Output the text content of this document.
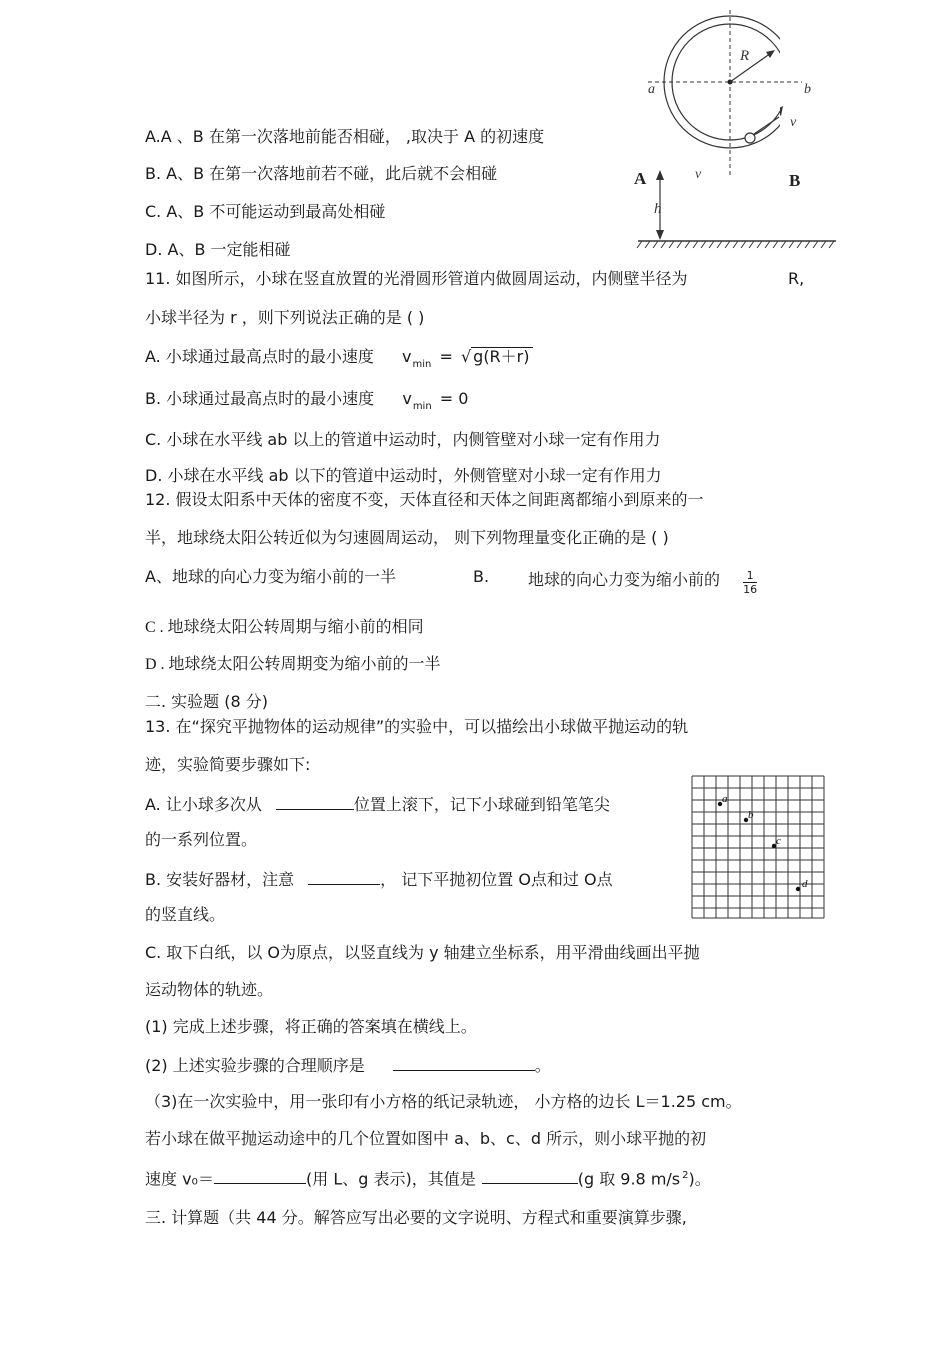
R
a	b
v
A	v	B
h
A.A 、B 在第一次落地前能否相碰， ,取决于 A 的初速度
B. A、B 在第一次落地前若不碰，此后就不会相碰
C. A、B 不可能运动到最高处相碰
D. A、B 一定能相碰
11. 如图所示，小球在竖直放置的光滑圆形管道内做圆周运动，内侧壁半径为	R,
小球半径为 r ，则下列说法正确的是 ( )
A. 小球通过最高点时的最小速度 $v_{min}$ = √ g(R＋r)
B. 小球通过最高点时的最小速度 $v_{min} = 0$
C. 小球在水平线 ab 以上的管道中运动时，内侧管壁对小球一定有作用力
D. 小球在水平线 ab 以下的管道中运动时，外侧管壁对小球一定有作用力
12. 假设太阳系中天体的密度不变，天体直径和天体之间距离都缩小到原来的一
半，地球绕太阳公转近似为匀速圆周运动， 则下列物理量变化正确的是 ( )
A、地球的向心力变为缩小前的一半	B. 地球的向心力变为缩小前的 $\frac{1}{16}$
C . 地球绕太阳公转周期与缩小前的相同
D . 地球绕太阳公转周期变为缩小前的一半
二. 实验题 (8 分)
13. 在“探究平抛物体的运动规律”的实验中，可以描绘出小球做平抛运动的轨
迹，实验简要步骤如下:
A. 让小球多次从	位置上滚下，记下小球碰到铅笔笔尖
的一系列位置。
B. 安装好器材，注意	， 记下平抛初位置 O点和过 O点
的竖直线。
C. 取下白纸，以 O为原点，以竖直线为 y 轴建立坐标系，用平滑曲线画出平抛
运动物体的轨迹。
(1) 完成上述步骤，将正确的答案填在横线上。
(2) 上述实验步骤的合理顺序是	。
（3)在一次实验中，用一张印有小方格的纸记录轨迹， 小方格的边长 L＝1.25 cm。
若小球在做平抛运动途中的几个位置如图中 a、b、c、d 所示，则小球平抛的初
速度 v₀＝	(用 L、g 表示)，其值是	(g 取 9.8 m/s $^2$)。
三. 计算题（共 44 分。解答应写出必要的文字说明、方程式和重要演算步骤,
a
b
c
d
